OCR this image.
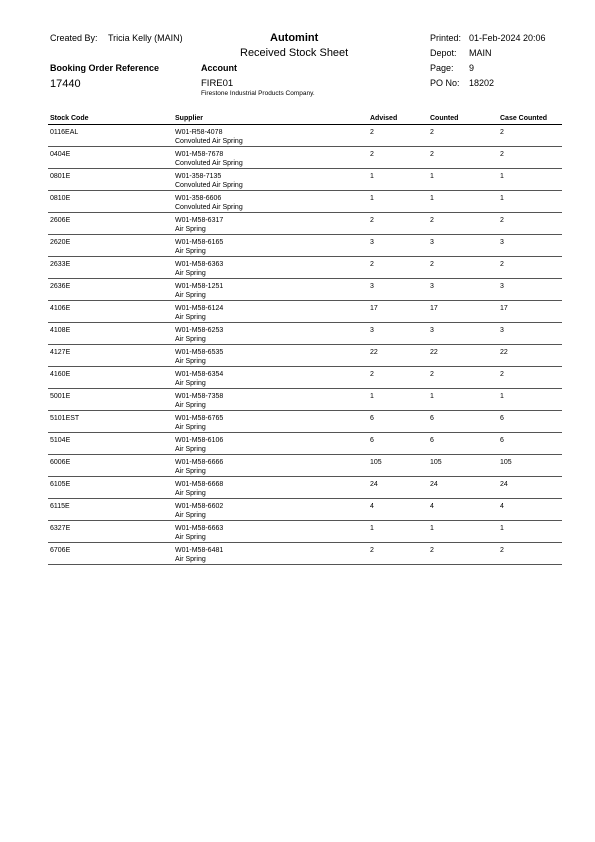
Created By: Tricia Kelly (MAIN)	Automint
Received Stock Sheet
Printed: 01-Feb-2024 20:06
Depot: MAIN
Booking Order Reference	Account	Page: 9
17440	FIRE01	PO No: 18202
Firestone Industrial Products Company.
Stock Code	Supplier	Advised	Counted	Case Counted
0116EAL	W01-R58-4078
Convoluted Air Spring
2	2	2
0404E	W01-M58-7678
Convoluted Air Spring
2	2	2
0801E	W01-358-7135
Convoluted Air Spring
1	1	1
0810E	W01-358-6606
Convoluted Air Spring
1	1	1
2606E	W01-M58-6317
Air Spring
2	2	2
2620E	W01-M58-6165
Air Spring
3	3	3
2633E	W01-M58-6363
Air Spring
2	2	2
2636E	W01-M58-1251
Air Spring
3	3	3
4106E	W01-M58-6124
Air Spring
17	17	17
4108E	W01-M58-6253
Air Spring
3	3	3
4127E	W01-M58-6535
Air Spring
22	22	22
4160E	W01-M58-6354
Air Spring
2	2	2
5001E	W01-M58-7358
Air Spring
1	1	1
5101EST	W01-M58-6765
Air Spring
6	6	6
5104E	W01-M58-6106
Air Spring
6	6	6
6006E	W01-M58-6666
Air Spring
105	105	105
6105E	W01-M58-6668
Air Spring
24	24	24
6115E	W01-M58-6602
Air Spring
4	4	4
6327E	W01-M58-6663
Air Spring
1	1	1
6706E	W01-M58-6481
Air Spring
2	2	2
